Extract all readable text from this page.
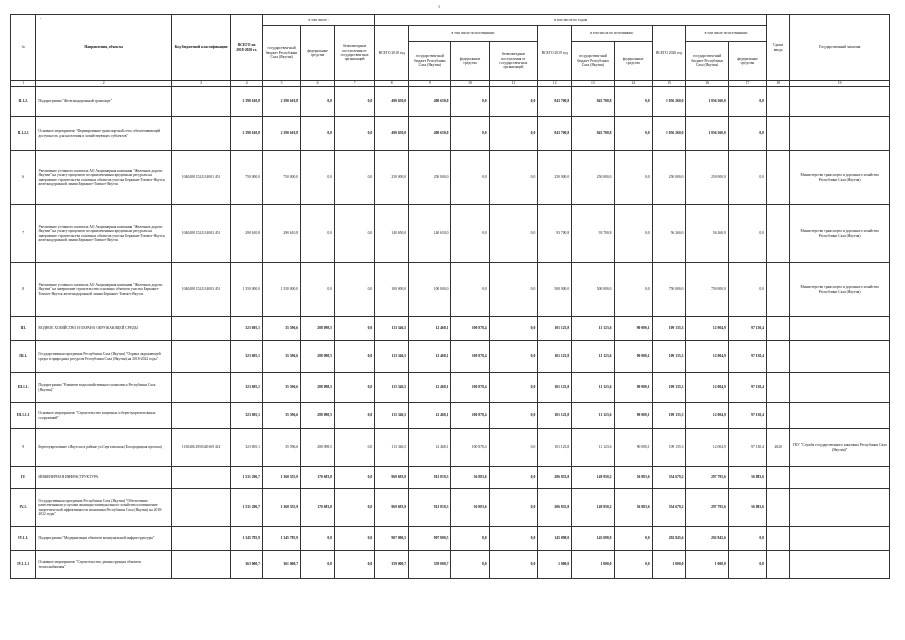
1
-
№	Направления, объекты	Код бюджетной классификации	ВСЕГО на 2018-2020 гг.	в том числе :			в том числе по годам										Сроки ввода	Государственный заказчик
				государствен-ный бюджет Республики Саха (Якутия)	федеральные средства	безвозмездные поступления от государствен-ных организаций	ВСЕГО 2018 год	в том числе по источникам:			ВСЕГО 2019 год	в том числе по источникам:		ВСЕГО 2020 год	в том числе по источникам:			
								государствен-ный бюджет Республики Саха (Якутия)	федеральные средства	безвозмездные поступления от государствен-ных организаций		государствен-ный бюджет Республики Саха (Якутия)	федеральные средства		государствен-ный бюджет Республики Саха (Якутия)	федеральные средства		
1	2	3	4	5	6	7	8	9	10	11	12	13	14	15	16	17	18	19
II.1.2.	Подпрограмма "Железнодорожный транспорт"		2 390 610,8	2 390 610,8	0,0	0,0	490 650,0	490 650,0	0,0	0,0	843 700,8	843 700,8	0,0	1 056 260,0	1 056 260,0	0,0		
II.1.2.1	Основное мероприятие "Формирование транспортной сети, обеспечивающей доступность для населения и хозяйствующих субъектов"		2 390 610,8	2 390 610,8	0,0	0,0	490 650,0	490 650,0	0,0	0,0	843 700,8	843 700,8	0,0	1 056 260,0	1 056 260,0	0,0		
6	Увеличение уставного капитала АО Акционерная компания "Железные дороги Якутии" на уплату процентов по привлеченным кредитным ресурсам на завершение строительства основных объектов участка Беркакит-Томмот-Якутск железнодорожной линии Беркакит-Томмот-Якутск	1040408 1522114001 451	750 000,0	750 000,0	0,0	0,0	250 000,0	250 000,0	0,0	0,0	250 000,0	250 000,0	0,0	250 000,0	250 000,0	0,0		Министерство транспорта и дорожного хозяйства Республики Саха (Якутия)
7	Увеличение уставного капитала АО Акционерная компания "Железные дороги Якутии" на уплату процентов по привлеченным кредитным ресурсам на завершение строительства основных объектов участка Беркакит-Томмот-Якутск железнодорожной линии Беркакит-Томмот-Якутск	1040408 1522114002 451	290 610,8	290 610,8	0,0	0,0	140 650,0	140 650,0	0,0	0,0	93 700,8	93 700,8	0,0	56 260,0	56 260,0	0,0		Министерство транспорта и дорожного хозяйства Республики Саха (Якутия)
8	Увеличение уставного капитала АО Акционерная компания "Железные дороги Якутии" на завершение строительства основных объектов участка Беркакит-Томмот-Якутск железнодорожной линии Беркакит-Томмот-Якутск	1040408 1522114003 451	1 350 000,0	1 350 000,0	0,0	0,0	100 000,0	100 000,0	0,0	0,0	500 000,0	500 000,0	0,0	750 000,0	750 000,0	0,0		Министерство транспорта и дорожного хозяйства Республики Саха (Якутия)
III.	ВОДНОЕ ХОЗЯЙСТВО И ОХРАНА ОКРУЖАЮЩЕЙ СРЕДЫ		323 695,1	35 596,6	288 098,5	0,0	113 346,5	12 468,1	100 878,4	0,0	101 123,8	11 123,6	90 000,1	109 135,3	12 004,9	97 130,4		
III.1.	Государственная программа Республики Саха (Якутия) "Охрана окружающей среды и природных ресурсов Республики Саха (Якутия) на 2018-2022 годы"		323 695,1	35 596,6	288 098,5	0,0	113 346,5	12 468,1	100 878,4	0,0	101 123,8	11 123,6	90 000,1	109 135,3	12 004,9	97 130,4		
III.1.1.	Подпрограмма "Развитие водохозяйственного комплекса Республики Саха (Якутия)"		323 695,1	35 596,6	288 098,5	0,0	113 346,5	12 468,1	100 878,4	0,0	101 123,8	11 123,6	90 000,1	109 135,3	12 004,9	97 130,4		
III.1.1.1	Основное мероприятие "Строительство защитных и берегоукрепительных сооружений"		323 695,1	35 596,6	288 098,5	0,0	113 346,5	12 468,1	100 878,4	0,0	101 123,8	11 123,6	90 000,1	109 135,3	12 004,9	97 130,4		
9	Берегоукрепление г.Якутска в районе ул.Сергеляхская (Богородицкая протока)	1130406 2950320169 414	323 695,1	35 596,6	288 098,5	0,0	113 346,5	12 468,1	100 878,4	0,0	101 123,8	11 123,6	90 000,1	109 135,3	12 004,9	97 130,4	2020	ГКУ "Служба государственного заказчика Республики Саха (Якутия)"
IV.	ИНЖЕНЕРНАЯ ИНФРАСТРУКТУРА		1 531 296,7	1 360 555,9	170 683,8	0,0	969 693,9	912 810,3	56 883,6	0,0	206 833,8	149 950,2	56 883,6	354 679,2	297 795,6	56 883,6		
IV.1.	Государственная программа Республики Саха (Якутия) "Обеспечение качественными услугами жилищно-коммунального хозяйства и повышение энергетической эффективности экономики Республики Саха (Якутия) на 2018-2022 годы"		1 531 296,7	1 360 555,9	170 683,8	0,0	969 693,9	912 810,3	56 883,6	0,0	206 833,8	149 950,2	56 883,6	354 679,2	297 795,6	56 883,6		
IV.1.1.	Подпрограмма "Модернизация объектов коммунальной инфраструктуры"		1 345 785,9	1 345 785,9	0,0	0,0	907 800,5	907 800,5	0,0	0,0	145 098,0	145 098,0	0,0	292 845,6	292 845,6	0,0		
IV.1.1.1	Основное мероприятие "Строительство, реконструкция объектов теплоснабжения"		363 000,7	361 000,7	0,0	0,0	359 000,7	359 000,7	0,0	0,0	1 000,0	1 000,0	0,0	1 000,0	1 000,0	0,0		
